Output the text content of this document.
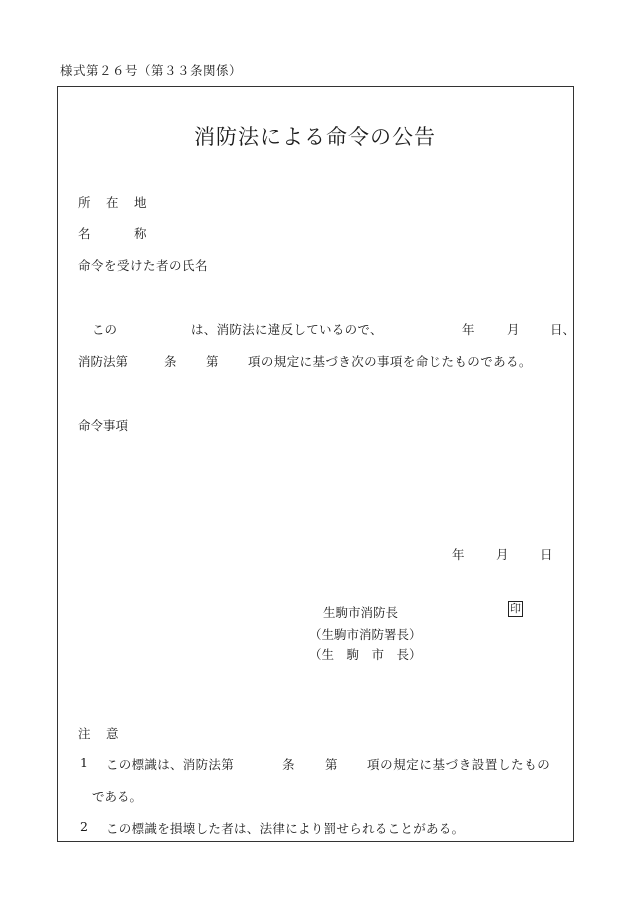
様式第２６号（第３３条関係）
消防法による命令の公告
所 在 地
名	称
命令を受けた者の氏名
この	は、消防法に違反しているので、	年	月 日、
消防法第	条 第 項の規定に基づき次の事項を命じたものである。
命令事項
年	月	日
生駒市消防長	印
（生駒市消防署長）
（生　駒　市　長）
注 意
1 この標識は、消防法第	条 第 項の規定に基づき設置したもの
である。
2 この標識を損壊した者は、法律により罰せられることがある。
